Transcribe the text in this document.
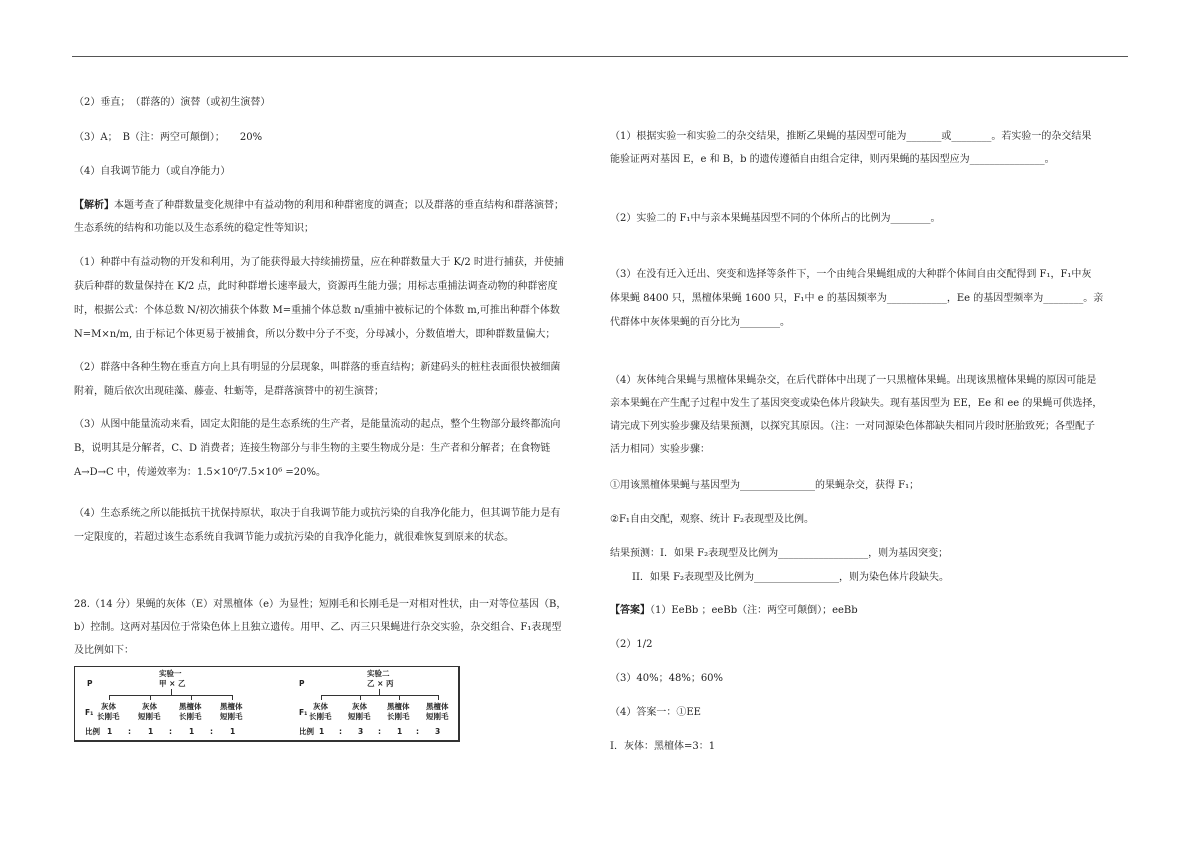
（2）垂直；　（群落的）演替（或初生演替）
（3）A；　B（注：两空可颠倒）；　　20%
（4）自我调节能力（或自净能力）
【解析】本题考查了种群数量变化规律中有益动物的利用和种群密度的调查；以及群落的垂直结构和群落演替；
生态系统的结构和功能以及生态系统的稳定性等知识；
（1）种群中有益动物的开发和利用，为了能获得最大持续捕捞量，应在种群数量大于 K/2 时进行捕获，并使捕
获后种群的数量保持在 K/2 点，此时种群增长速率最大，资源再生能力强；用标志重捕法调查动物的种群密度
时，根据公式：个体总数 N/初次捕获个体数 M=重捕个体总数 n/重捕中被标记的个体数 m,可推出种群个体数
N=M×n/m, 由于标记个体更易于被捕食，所以分数中分子不变，分母减小，分数值增大，即种群数量偏大；
（2）群落中各种生物在垂直方向上具有明显的分层现象，叫群落的垂直结构；新建码头的桩柱表面很快被细菌
附着，随后依次出现硅藻、藤壶、牡蛎等，是群落演替中的初生演替；
（3）从图中能量流动来看，固定太阳能的是生态系统的生产者，是能量流动的起点，整个生物部分最终都流向
B，说明其是分解者，C、D 消费者；连接生物部分与非生物的主要生物成分是：生产者和分解者；在食物链
A→D→C 中，传递效率为：1.5×10⁶/7.5×10⁶ =20%。
（4）生态系统之所以能抵抗干扰保持原状，取决于自我调节能力或抗污染的自我净化能力，但其调节能力是有
一定限度的，若超过该生态系统自我调节能力或抗污染的自我净化能力，就很难恢复到原来的状态。
28.（14 分）果蝇的灰体（E）对黑檀体（e）为显性；短刚毛和长刚毛是一对相对性状，由一对等位基因（B，
b）控制。这两对基因位于常染色体上且独立遗传。用甲、乙、丙三只果蝇进行杂交实验，杂交组合、F₁表现型
及比例如下：
实验一
P	甲 × 乙
F₁
灰体
长刚毛
灰体
短刚毛
黑檀体
长刚毛
黑檀体
短刚毛
比例 1 : 1 : 1 : 1
实验二
P	乙 × 丙
F₁
灰体
长刚毛
灰体
短刚毛
黑檀体
长刚毛
黑檀体
短刚毛
比例 1 : 3 : 1 : 3
（1）根据实验一和实验二的杂交结果，推断乙果蝇的基因型可能为_______或________。若实验一的杂交结果
能验证两对基因 E，e 和 B，b 的遗传遵循自由组合定律，则丙果蝇的基因型应为_______________。
（2）实验二的 F₁中与亲本果蝇基因型不同的个体所占的比例为________。
（3）在没有迁入迁出、突变和选择等条件下，一个由纯合果蝇组成的大种群个体间自由交配得到 F₁，F₁中灰
体果蝇 8400 只，黑檀体果蝇 1600 只，F₁中 e 的基因频率为____________，Ee 的基因型频率为________。亲
代群体中灰体果蝇的百分比为________。
（4）灰体纯合果蝇与黑檀体果蝇杂交，在后代群体中出现了一只黑檀体果蝇。出现该黑檀体果蝇的原因可能是
亲本果蝇在产生配子过程中发生了基因突变或染色体片段缺失。现有基因型为 EE，Ee 和 ee 的果蝇可供选择，
请完成下列实验步骤及结果预测，以探究其原因。（注：一对同源染色体都缺失相同片段时胚胎致死；各型配子
活力相同）实验步骤：
①用该黑檀体果蝇与基因型为_______________的果蝇杂交，获得 F₁；
②F₁自由交配，观察、统计 F₂表现型及比例。
结果预测：I．如果 F₂表现型及比例为__________________，则为基因突变；
II．如果 F₂表现型及比例为_________________，则为染色体片段缺失。
【答案】（1）EeBb ；eeBb（注：两空可颠倒）；eeBb
（2）1/2
（3）40%；48%；60%
（4）答案一：①EE
I．灰体：黑檀体=3：1
